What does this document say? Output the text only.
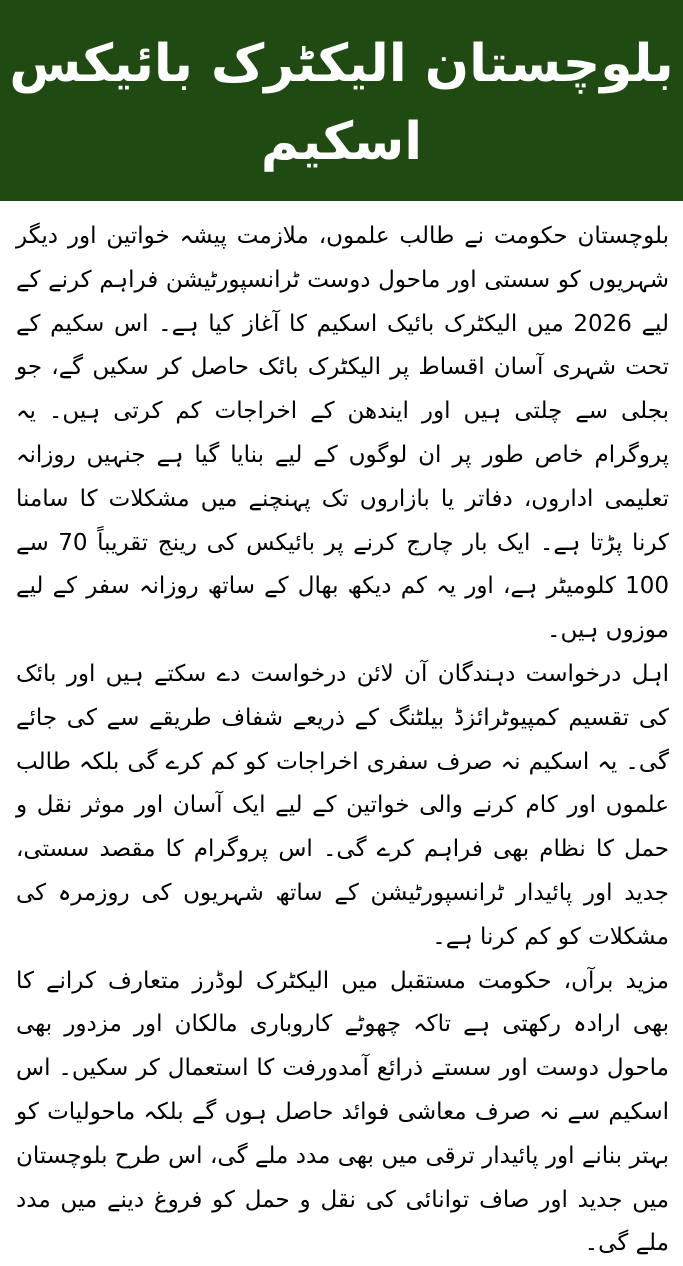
بلوچستان الیکٹرک بائیکس
اسکیم

بلوچستان حکومت نے طالب علموں، ملازمت پیشہ خواتین اور دیگر شہریوں کو سستی اور ماحول دوست ٹرانسپورٹیشن فراہم کرنے کے لیے 2026 میں الیکٹرک بائیک اسکیم کا آغاز کیا ہے۔ اس سکیم کے تحت شہری آسان اقساط پر الیکٹرک بائک حاصل کر سکیں گے، جو بجلی سے چلتی ہیں اور ایندھن کے اخراجات کم کرتی ہیں۔ یہ پروگرام خاص طور پر ان لوگوں کے لیے بنایا گیا ہے جنہیں روزانہ تعلیمی اداروں، دفاتر یا بازاروں تک پہنچنے میں مشکلات کا سامنا کرنا پڑتا ہے۔ ایک بار چارج کرنے پر بائیکس کی رینج تقریباً 70 سے 100 کلومیٹر ہے، اور یہ کم دیکھ بھال کے ساتھ روزانہ سفر کے لیے موزوں ہیں۔

اہل درخواست دہندگان آن لائن درخواست دے سکتے ہیں اور بائک کی تقسیم کمپیوٹرائزڈ بیلٹنگ کے ذریعے شفاف طریقے سے کی جائے گی۔ یہ اسکیم نہ صرف سفری اخراجات کو کم کرے گی بلکہ طالب علموں اور کام کرنے والی خواتین کے لیے ایک آسان اور موثر نقل و حمل کا نظام بھی فراہم کرے گی۔ اس پروگرام کا مقصد سستی، جدید اور پائیدار ٹرانسپورٹیشن کے ساتھ شہریوں کی روزمرہ کی مشکلات کو کم کرنا ہے۔

مزید برآں، حکومت مستقبل میں الیکٹرک لوڈرز متعارف کرانے کا بھی ارادہ رکھتی ہے تاکہ چھوٹے کاروباری مالکان اور مزدور بھی ماحول دوست اور سستے ذرائع آمدورفت کا استعمال کر سکیں۔ اس اسکیم سے نہ صرف معاشی فوائد حاصل ہوں گے بلکہ ماحولیات کو بہتر بنانے اور پائیدار ترقی میں بھی مدد ملے گی، اس طرح بلوچستان میں جدید اور صاف توانائی کی نقل و حمل کو فروغ دینے میں مدد ملے گی۔
